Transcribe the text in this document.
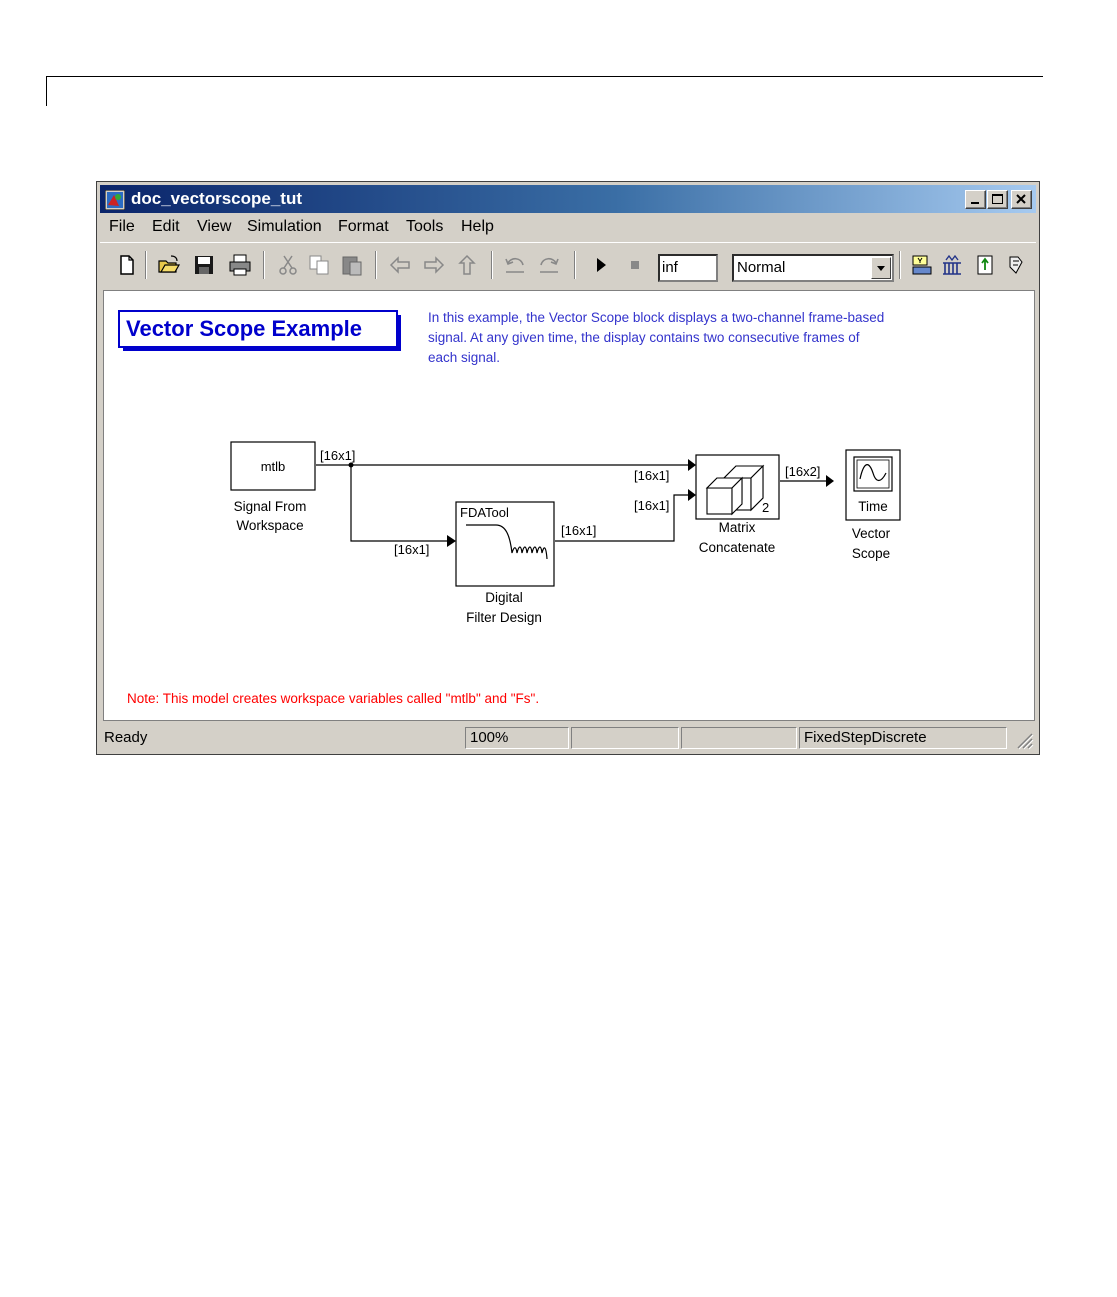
doc_vectorscope_tut
File Edit View Simulation Format Tools Help
inf	Normal
Vector Scope Example	In this example, the Vector Scope block displays a two-channel frame-based
signal. At any given time, the display contains two consecutive frames of
each signal.
[16x1]
[16x1]
[16x1]
[16x1]
[16x1]
[16x2]
mtlb
Signal From
Workspace
FDATool
Digital
Filter Design
2
Matrix
Concatenate
Time
Vector
Scope
Note: This model creates workspace variables called "mtlb" and "Fs".
Ready	100%	FixedStepDiscrete
